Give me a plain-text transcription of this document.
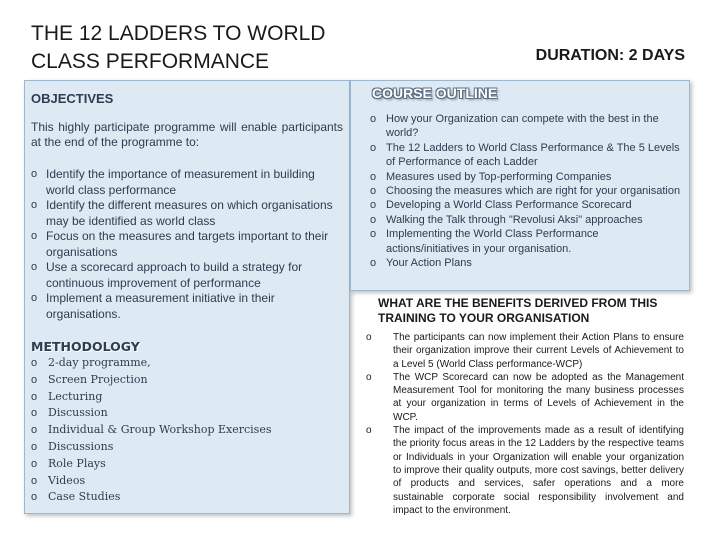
THE 12 LADDERS TO WORLD CLASS PERFORMANCE	DURATION: 2 DAYS
OBJECTIVES
This highly participate programme will enable participants at the end of the programme to:
o Identify the importance of measurement in building world class performance
o Identify the different measures on which organisations may be identified as world class
o Focus on the measures and targets important to their organisations
o Use a scorecard approach to build a strategy for continuous improvement of performance
o Implement a measurement initiative in their organisations.
METHODOLOGY
o 2-day programme,
o Screen Projection
o Lecturing
o Discussion
o Individual & Group Workshop Exercises
o Discussions
o Role Plays
o Videos
o Case Studies
COURSE OUTLINE
o How your Organization can compete with the best in the world?
o The 12 Ladders to World Class Performance & The 5 Levels of Performance of each Ladder
o Measures used by Top-performing Companies
o Choosing the measures which are right for your organisation
o Developing a World Class Performance Scorecard
o Walking the Talk through "Revolusi Aksi" approaches
o Implementing the World Class Performance actions/initiatives in your organisation.
o Your Action Plans
WHAT ARE THE BENEFITS DERIVED FROM THIS TRAINING TO YOUR ORGANISATION
o The participants can now implement their Action Plans to ensure their organization improve their current Levels of Achievement to a Level 5 (World Class performance-WCP)
o The WCP Scorecard can now be adopted as the Management Measurement Tool for monitoring the many business processes at your organization in terms of Levels of Achievement in the WCP.
o The impact of the improvements made as a result of identifying the priority focus areas in the 12 Ladders by the respective teams or Individuals in your Organization will enable your organization to improve their quality outputs, more cost savings, better delivery of products and services, safer operations and a more sustainable corporate social responsibility involvement and impact to the environment.
